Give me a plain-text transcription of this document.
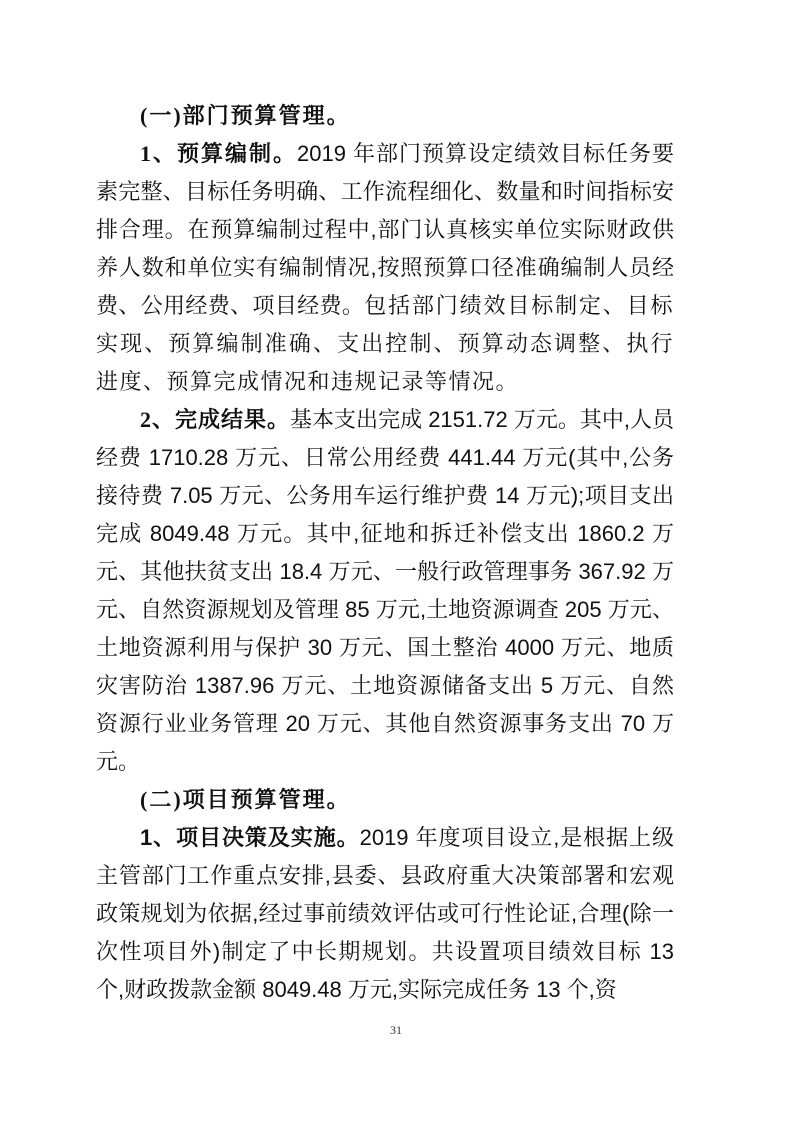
(一)部门预算管理。

1、预算编制。2019 年部门预算设定绩效目标任务要素完整、目标任务明确、工作流程细化、数量和时间指标安排合理。在预算编制过程中,部门认真核实单位实际财政供养人数和单位实有编制情况,按照预算口径准确编制人员经费、公用经费、项目经费。包括部门绩效目标制定、目标实现、预算编制准确、支出控制、预算动态调整、执行进度、预算完成情况和违规记录等情况。

2、完成结果。基本支出完成 2151.72 万元。其中,人员经费 1710.28 万元、日常公用经费 441.44 万元(其中,公务接待费 7.05 万元、公务用车运行维护费 14 万元);项目支出完成 8049.48 万元。其中,征地和拆迁补偿支出 1860.2 万元、其他扶贫支出 18.4 万元、一般行政管理事务 367.92 万元、自然资源规划及管理 85 万元,土地资源调查 205 万元、土地资源利用与保护 30 万元、国土整治 4000 万元、地质灾害防治 1387.96 万元、土地资源储备支出 5 万元、自然资源行业业务管理 20 万元、其他自然资源事务支出 70 万元。

(二)项目预算管理。

1、项目决策及实施。2019 年度项目设立,是根据上级主管部门工作重点安排,县委、县政府重大决策部署和宏观政策规划为依据,经过事前绩效评估或可行性论证,合理(除一次性项目外)制定了中长期规划。共设置项目绩效目标 13 个,财政拨款金额 8049.48 万元,实际完成任务 13 个,资

31
